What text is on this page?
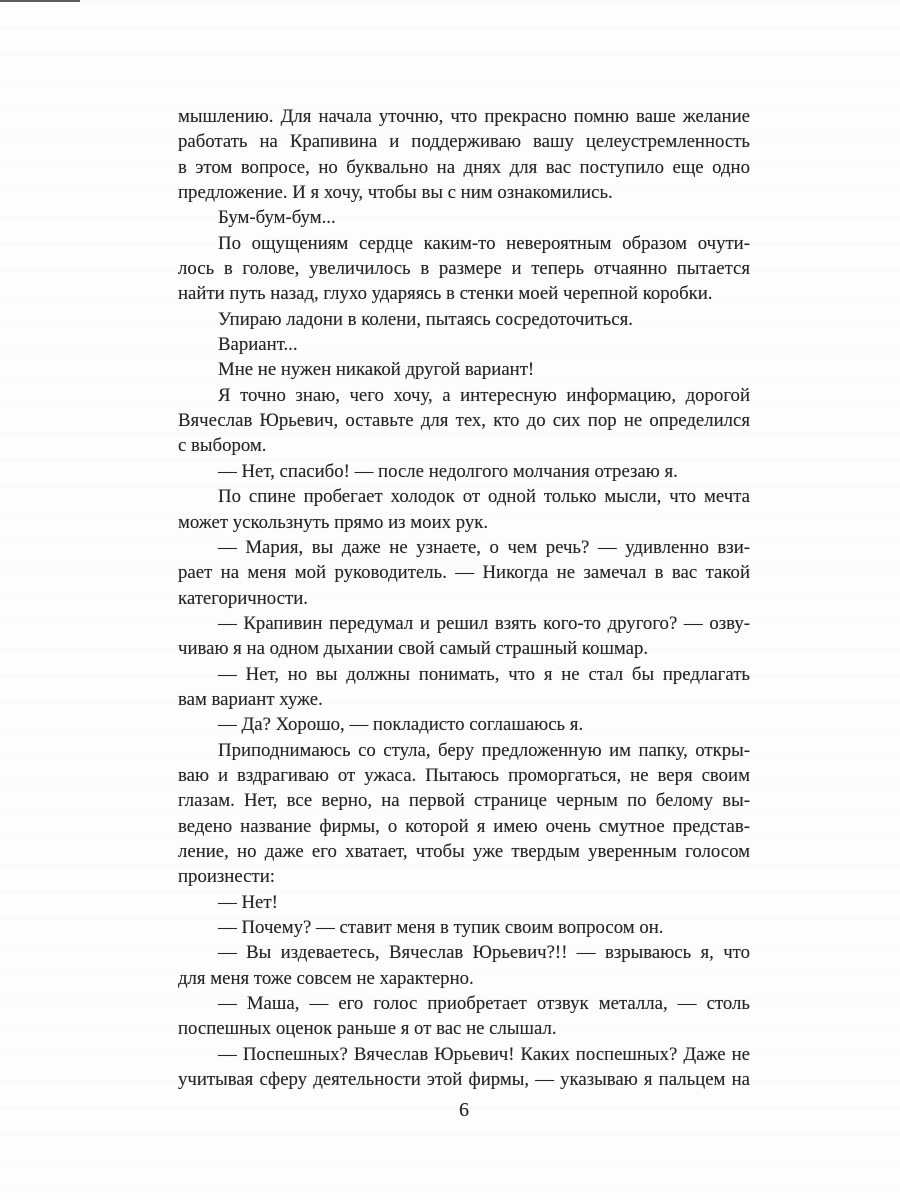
мышлению. Для начала уточню, что прекрасно помню ваше желание
работать на Крапивина и поддерживаю вашу целеустремленность
в этом вопросе, но буквально на днях для вас поступило еще одно
предложение. И я хочу, чтобы вы с ним ознакомились.
Бум-бум-бум...
По ощущениям сердце каким-то невероятным образом очути-
лось в голове, увеличилось в размере и теперь отчаянно пытается
найти путь назад, глухо ударяясь в стенки моей черепной коробки.
Упираю ладони в колени, пытаясь сосредоточиться.
Вариант...
Мне не нужен никакой другой вариант!
Я точно знаю, чего хочу, а интересную информацию, дорогой
Вячеслав Юрьевич, оставьте для тех, кто до сих пор не определился
с выбором.
— Нет, спасибо! — после недолгого молчания отрезаю я.
По спине пробегает холодок от одной только мысли, что мечта
может ускользнуть прямо из моих рук.
— Мария, вы даже не узнаете, о чем речь? — удивленно взи-
рает на меня мой руководитель. — Никогда не замечал в вас такой
категоричности.
— Крапивин передумал и решил взять кого-то другого? — озву-
чиваю я на одном дыхании свой самый страшный кошмар.
— Нет, но вы должны понимать, что я не стал бы предлагать
вам вариант хуже.
— Да? Хорошо, — покладисто соглашаюсь я.
Приподнимаюсь со стула, беру предложенную им папку, откры-
ваю и вздрагиваю от ужаса. Пытаюсь проморгаться, не веря своим
глазам. Нет, все верно, на первой странице черным по белому вы-
ведено название фирмы, о которой я имею очень смутное представ-
ление, но даже его хватает, чтобы уже твердым уверенным голосом
произнести:
— Нет!
— Почему? — ставит меня в тупик своим вопросом он.
— Вы издеваетесь, Вячеслав Юрьевич?!! — взрываюсь я, что
для меня тоже совсем не характерно.
— Маша, — его голос приобретает отзвук металла, — столь
поспешных оценок раньше я от вас не слышал.
— Поспешных? Вячеслав Юрьевич! Каких поспешных? Даже не
учитывая сферу деятельности этой фирмы, — указываю я пальцем на
6
